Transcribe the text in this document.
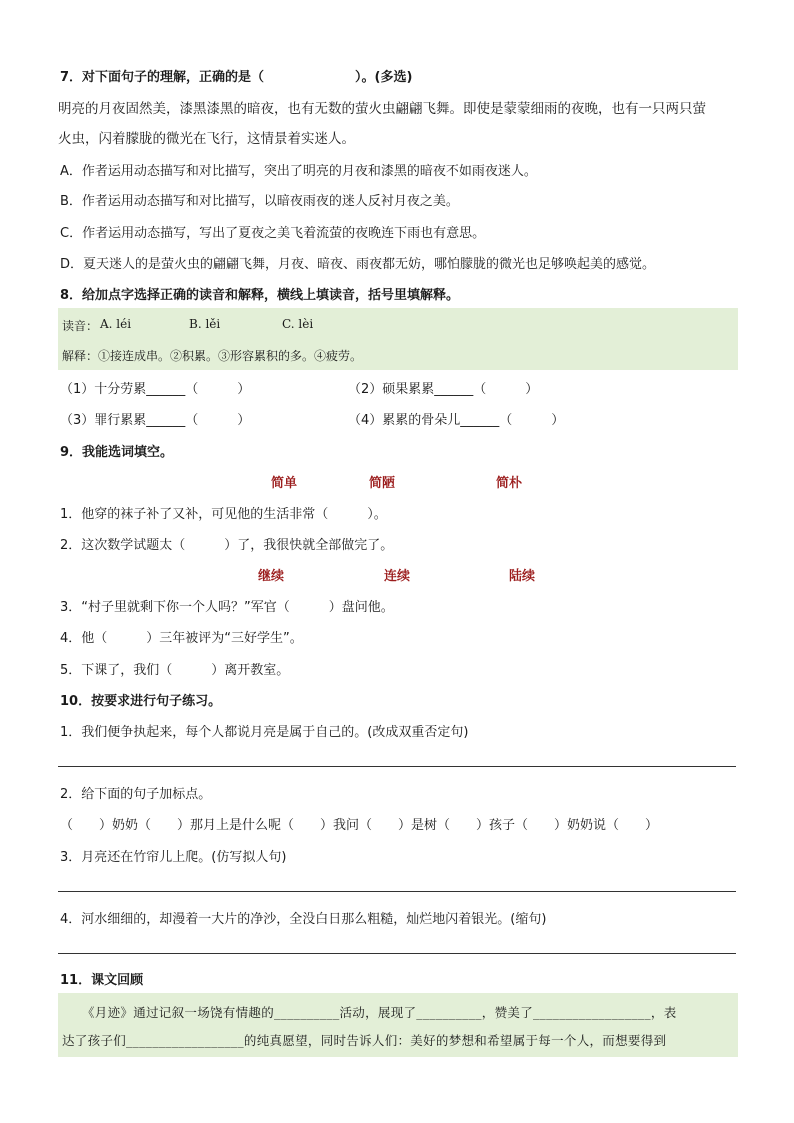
7．对下面句子的理解，正确的是（　　　　　　　）。(多选)
明亮的月夜固然美，漆黑漆黑的暗夜，也有无数的萤火虫翩翩飞舞。即使是蒙蒙细雨的夜晚，也有一只两只萤
火虫，闪着朦胧的微光在飞行，这情景着实迷人。
A．作者运用动态描写和对比描写，突出了明亮的月夜和漆黑的暗夜不如雨夜迷人。
B．作者运用动态描写和对比描写，以暗夜雨夜的迷人反衬月夜之美。
C．作者运用动态描写，写出了夏夜之美飞着流萤的夜晚连下雨也有意思。
D．夏天迷人的是萤火虫的翩翩飞舞，月夜、暗夜、雨夜都无妨，哪怕朦胧的微光也足够唤起美的感觉。
8．给加点字选择正确的读音和解释，横线上填读音，括号里填解释。
读音： A. léi	B. lěi	C. lèi
解释：①接连成串。②积累。③形容累积的多。④疲劳。
（1）十分劳累______（　　　）	（2）硕果累累______（　　　）
（3）罪行累累______（　　　）	（4）累累的骨朵儿______（　　　）
9．我能选词填空。
简单	简陋	简朴
1．他穿的袜子补了又补，可见他的生活非常（　　　）。
2．这次数学试题太（　　　）了，我很快就全部做完了。
继续	连续	陆续
3．“村子里就剩下你一个人吗？”军官（　　　）盘问他。
4．他（　　　）三年被评为“三好学生”。
5．下课了，我们（　　　）离开教室。
10．按要求进行句子练习。
1．我们便争执起来，每个人都说月亮是属于自己的。(改成双重否定句)
2．给下面的句子加标点。
（　　）奶奶（　　）那月上是什么呢（　　）我问（　　）是树（　　）孩子（　　）奶奶说（　　）
3．月亮还在竹帘儿上爬。(仿写拟人句)
4．河水细细的，却漫着一大片的净沙，全没白日那么粗糙，灿烂地闪着银光。(缩句)
11．课文回顾
《月迹》通过记叙一场饶有情趣的__________活动，展现了__________，赞美了__________________，表
达了孩子们__________________的纯真愿望，同时告诉人们：美好的梦想和希望属于每一个人，而想要得到
